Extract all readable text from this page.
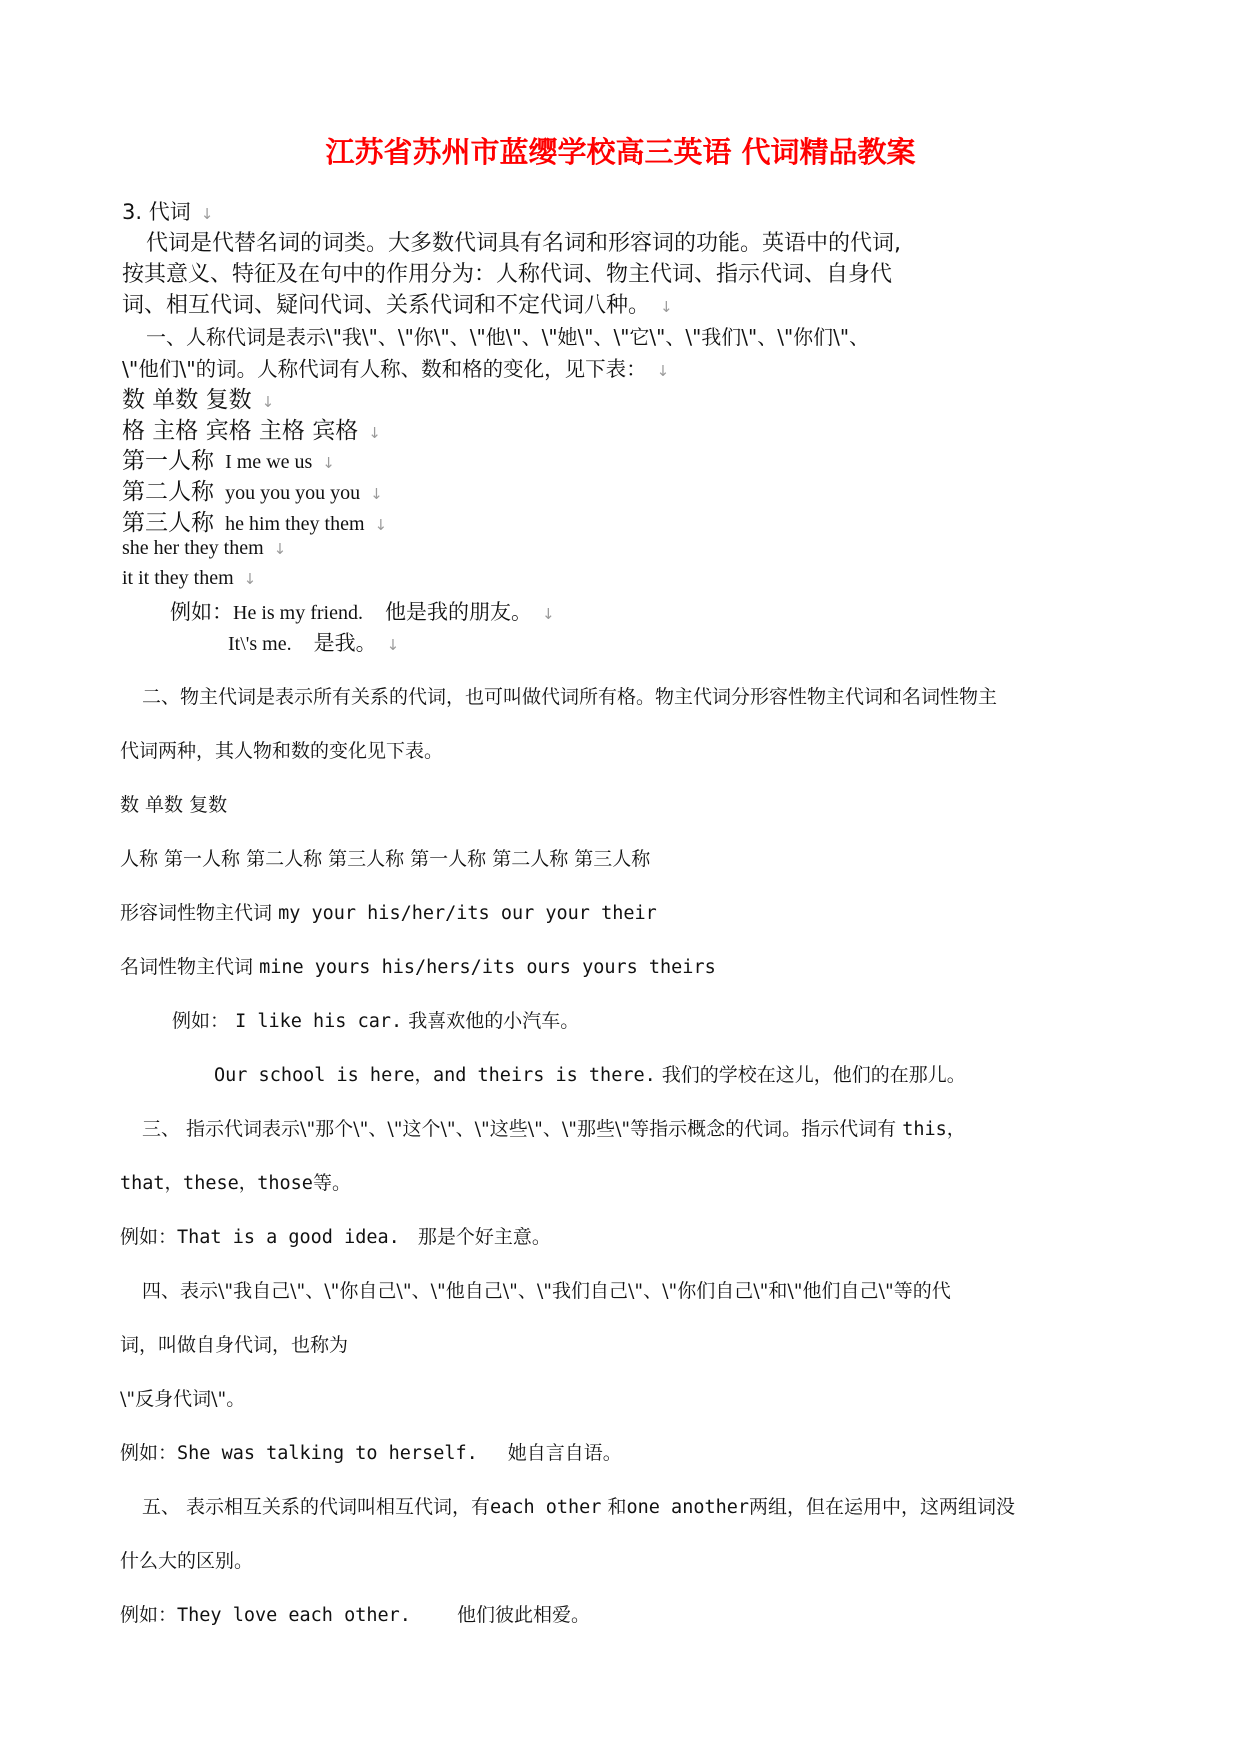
江苏省苏州市蓝缨学校高三英语 代词精品教案
3. 代词 ↓
代词是代替名词的词类。大多数代词具有名词和形容词的功能。英语中的代词,
按其意义、特征及在句中的作用分为：人称代词、物主代词、指示代词、自身代
词、相互代词、疑问代词、关系代词和不定代词八种。 ↓
一、人称代词是表示\"我\"、\"你\"、\"他\"、\"她\"、\"它\"、\"我们\"、\"你们\"、
\"他们\"的词。人称代词有人称、数和格的变化，见下表： ↓
数 单数 复数 ↓
格 主格 宾格 主格 宾格 ↓
第一人称 I me we us ↓
第二人称 you you you you ↓
第三人称 he him they them ↓
she her they them ↓
it it they them ↓
例如：He is my friend. 他是我的朋友。 ↓
It\'s me. 是我。 ↓
二、物主代词是表示所有关系的代词，也可叫做代词所有格。物主代词分形容性物主代词和名词性物主
代词两种，其人物和数的变化见下表。
数 单数 复数
人称 第一人称 第二人称 第三人称 第一人称 第二人称 第三人称
形容词性物主代词 my your his/her/its our your their
名词性物主代词 mine yours his/hers/its ours yours theirs
例如： I like his car. 我喜欢他的小汽车。
Our school is here，and theirs is there. 我们的学校在这儿，他们的在那儿。
三、 指示代词表示\"那个\"、\"这个\"、\"这些\"、\"那些\"等指示概念的代词。指示代词有 this，
that，these，those等。
例如：That is a good idea. 那是个好主意。
四、表示\"我自己\"、\"你自己\"、\"他自己\"、\"我们自己\"、\"你们自己\"和\"他们自己\"等的代
词，叫做自身代词，也称为
\"反身代词\"。
例如：She was talking to herself. 她自言自语。
五、 表示相互关系的代词叫相互代词，有each other 和one another两组，但在运用中，这两组词没
什么大的区别。
例如：They love each other. 他们彼此相爱。
